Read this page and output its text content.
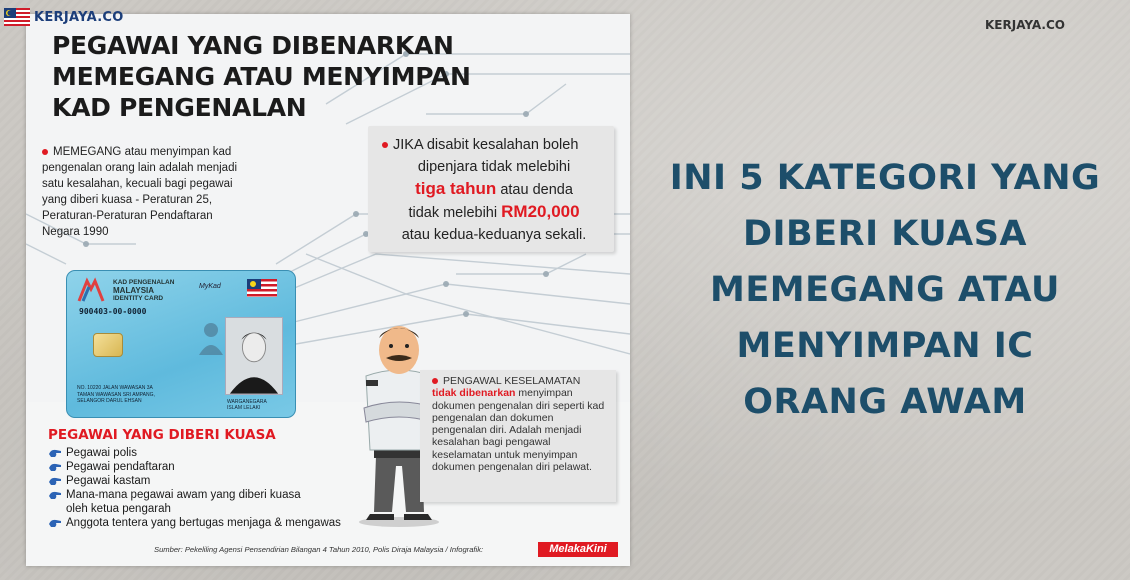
KERJAYA.CO
KERJAYA.CO
INI 5 KATEGORI YANG
DIBERI KUASA
MEMEGANG ATAU
MENYIMPAN IC
ORANG AWAM
PEGAWAI YANG DIBENARKAN
MEMEGANG ATAU MENYIMPAN
KAD PENGENALAN
MEMEGANG atau menyimpan kad pengenalan orang lain adalah menjadi satu kesalahan, kecuali bagi pegawai yang diberi kuasa - Peraturan 25, Peraturan-Peraturan Pendaftaran Negara 1990
JIKA disabit kesalahan boleh
dipenjara tidak melebihi
tiga tahun atau denda
tidak melebihi RM20,000
atau kedua-keduanya sekali.
KAD PENGENALAN
MALAYSIA
IDENTITY CARD
MyKad
900403-00-0000
NO. 10220 JALAN WAWASAN 3A
TAMAN WAWASAN SRI AMPANG,
SELANGOR DARUL EHSAN	WARGANEGARA
ISLAM LELAKI
PEGAWAI YANG DIBERI KUASA
Pegawai polis
Pegawai pendaftaran
Pegawai kastam
Mana-mana pegawai awam yang diberi kuasa
oleh ketua pengarah
Anggota tentera yang bertugas menjaga & mengawas
PENGAWAL KESELAMATAN
tidak dibenarkan menyimpan
dokumen pengenalan diri seperti kad pengenalan dan dokumen pengenalan diri. Adalah menjadi kesalahan bagi pengawal keselamatan untuk menyimpan dokumen pengenalan diri pelawat.
Sumber: Pekeliling Agensi Pensendirian Bilangan 4 Tahun 2010, Polis Diraja Malaysia / Infografik:	MelakaKini
